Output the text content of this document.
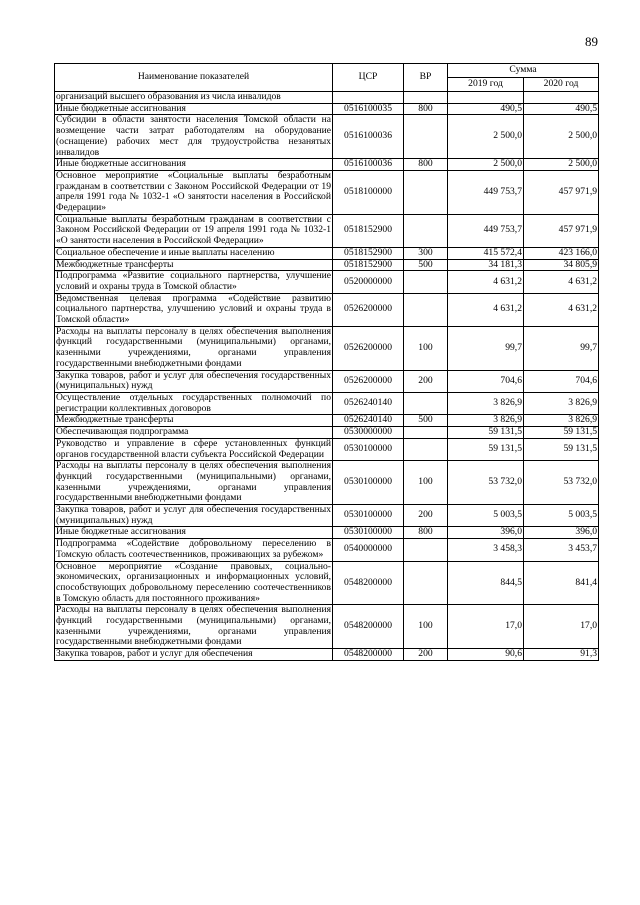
89
Наименование показателей	ЦСР	ВР	Сумма	
			2019 год	2020 год
организаций высшего образования из числа инвалидов				
Иные бюджетные ассигнования	0516100035	800	490,5	490,5
Субсидии в области занятости населения Томской области на возмещение части затрат работодателям на оборудование (оснащение) рабочих мест для трудоустройства незанятых инвалидов	0516100036		2 500,0	2 500,0
Иные бюджетные ассигнования	0516100036	800	2 500,0	2 500,0
Основное мероприятие «Социальные выплаты безработным гражданам в соответствии с Законом Российской Федерации от 19 апреля 1991 года № 1032-1 «О занятости населения в Российской Федерации»	0518100000		449 753,7	457 971,9
Социальные выплаты безработным гражданам в соответствии с Законом Российской Федерации от 19 апреля 1991 года № 1032-1 «О занятости населения в Российской Федерации»	0518152900		449 753,7	457 971,9
Социальное обеспечение и иные выплаты населению	0518152900	300	415 572,4	423 166,0
Межбюджетные трансферты	0518152900	500	34 181,3	34 805,9
Подпрограмма «Развитие социального партнерства, улучшение условий и охраны труда в Томской области»	0520000000		4 631,2	4 631,2
Ведомственная целевая программа «Содействие развитию социального партнерства, улучшению условий и охраны труда в Томской области»	0526200000		4 631,2	4 631,2
Расходы на выплаты персоналу в целях обеспечения выполнения функций государственными (муниципальными) органами, казенными учреждениями, органами управления государственными внебюджетными фондами	0526200000	100	99,7	99,7
Закупка товаров, работ и услуг для обеспечения государственных (муниципальных) нужд	0526200000	200	704,6	704,6
Осуществление отдельных государственных полномочий по регистрации коллективных договоров	0526240140		3 826,9	3 826,9
Межбюджетные трансферты	0526240140	500	3 826,9	3 826,9
Обеспечивающая подпрограмма	0530000000		59 131,5	59 131,5
Руководство и управление в сфере установленных функций органов государственной власти субъекта Российской Федерации	0530100000		59 131,5	59 131,5
Расходы на выплаты персоналу в целях обеспечения выполнения функций государственными (муниципальными) органами, казенными учреждениями, органами управления государственными внебюджетными фондами	0530100000	100	53 732,0	53 732,0
Закупка товаров, работ и услуг для обеспечения государственных (муниципальных) нужд	0530100000	200	5 003,5	5 003,5
Иные бюджетные ассигнования	0530100000	800	396,0	396,0
Подпрограмма «Содействие добровольному переселению в Томскую область соотечественников, проживающих за рубежом»	0540000000		3 458,3	3 453,7
Основное мероприятие «Создание правовых, социально-экономических, организационных и информационных условий, способствующих добровольному переселению соотечественников в Томскую область для постоянного проживания»	0548200000		844,5	841,4
Расходы на выплаты персоналу в целях обеспечения выполнения функций государственными (муниципальными) органами, казенными учреждениями, органами управления государственными внебюджетными фондами	0548200000	100	17,0	17,0
Закупка товаров, работ и услуг для обеспечения	0548200000	200	90,6	91,3
